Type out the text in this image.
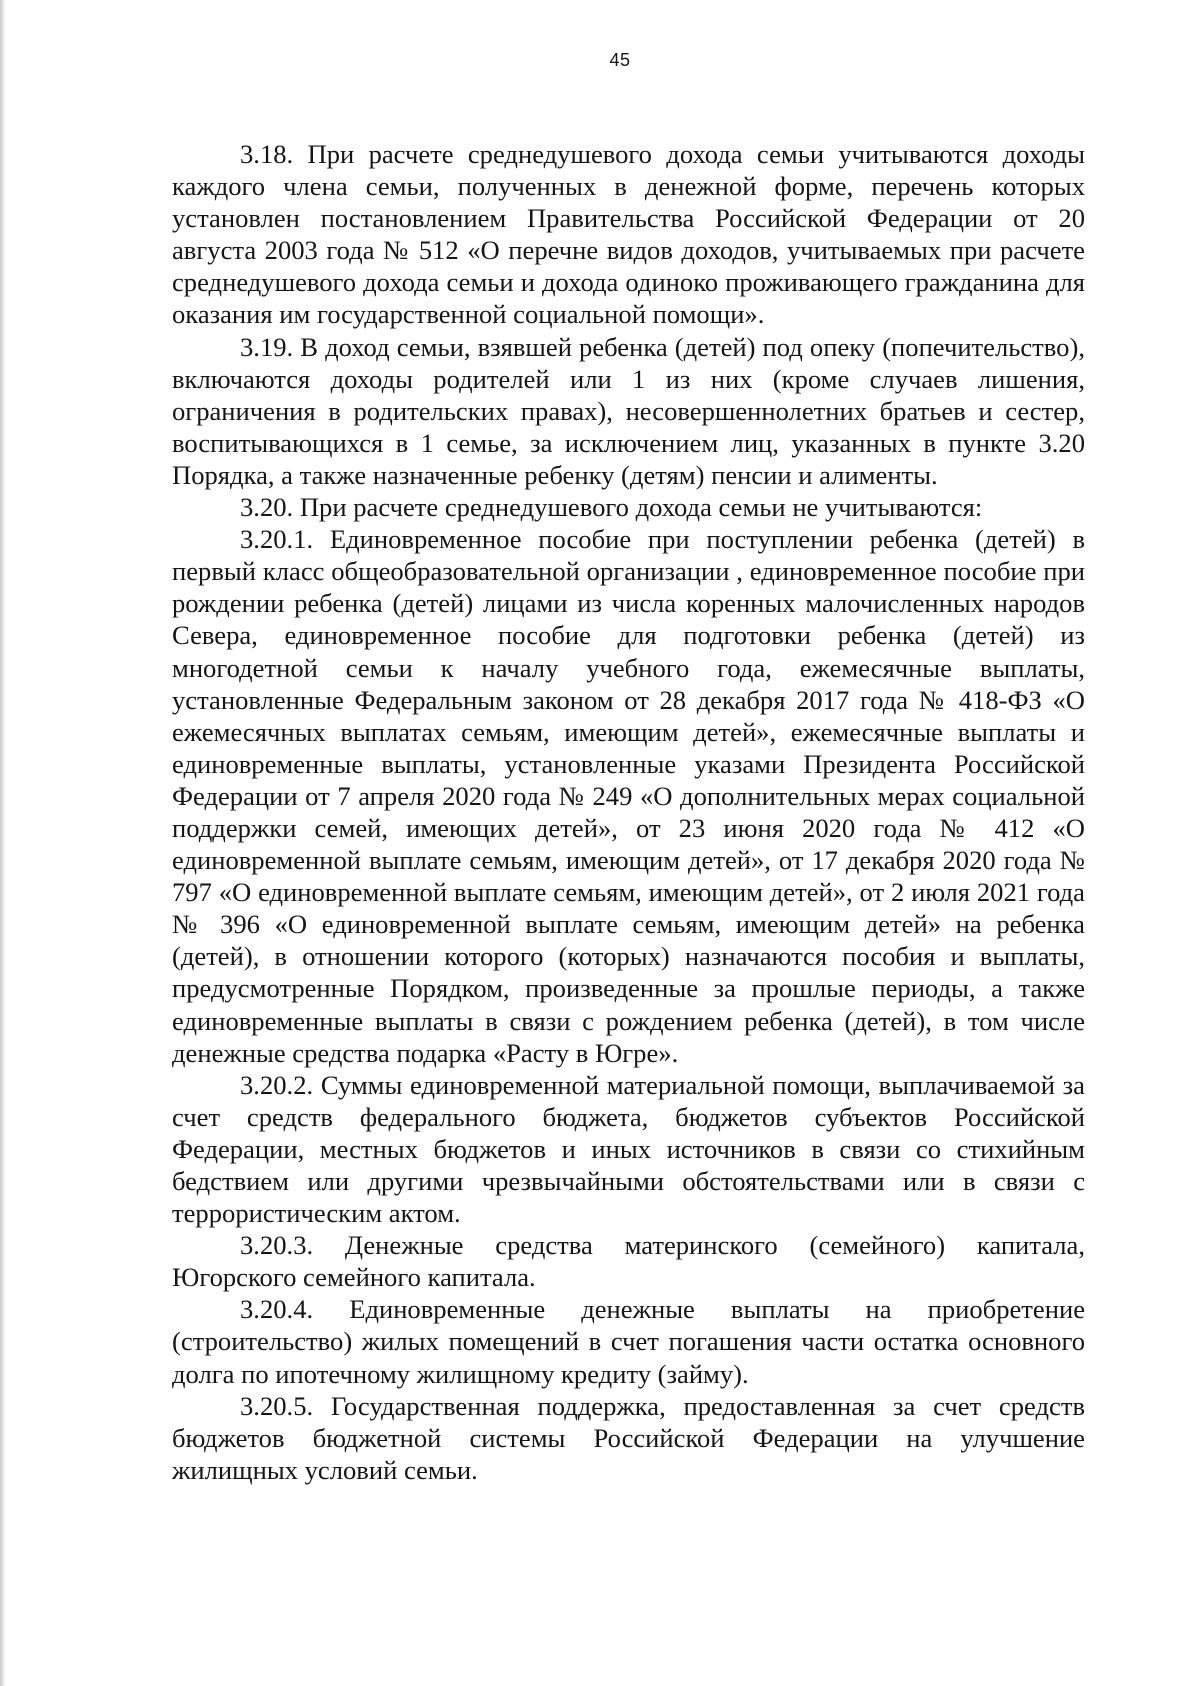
45

3.18. При расчете среднедушевого дохода семьи учитываются доходы каждого члена семьи, полученных в денежной форме, перечень которых установлен постановлением Правительства Российской Федерации от 20 августа 2003 года № 512 «О перечне видов доходов, учитываемых при расчете среднедушевого дохода семьи и дохода одиноко проживающего гражданина для оказания им государственной социальной помощи».

3.19. В доход семьи, взявшей ребенка (детей) под опеку (попечительство), включаются доходы родителей или 1 из них (кроме случаев лишения, ограничения в родительских правах), несовершеннолетних братьев и сестер, воспитывающихся в 1 семье, за исключением лиц, указанных в пункте 3.20 Порядка, а также назначенные ребенку (детям) пенсии и алименты.

3.20. При расчете среднедушевого дохода семьи не учитываются:

3.20.1. Единовременное пособие при поступлении ребенка (детей) в первый класс общеобразовательной организации , единовременное пособие при рождении ребенка (детей) лицами из числа коренных малочисленных народов Севера, единовременное пособие для подготовки ребенка (детей) из многодетной семьи к началу учебного года, ежемесячные выплаты, установленные Федеральным законом от 28 декабря 2017 года № 418-ФЗ «О ежемесячных выплатах семьям, имеющим детей», ежемесячные выплаты и единовременные выплаты, установленные указами Президента Российской Федерации от 7 апреля 2020 года № 249 «О дополнительных мерах социальной поддержки семей, имеющих детей», от 23 июня 2020 года № 412 «О единовременной выплате семьям, имеющим детей», от 17 декабря 2020 года № 797 «О единовременной выплате семьям, имеющим детей», от 2 июля 2021 года № 396 «О единовременной выплате семьям, имеющим детей» на ребенка (детей), в отношении которого (которых) назначаются пособия и выплаты, предусмотренные Порядком, произведенные за прошлые периоды, а также единовременные выплаты в связи с рождением ребенка (детей), в том числе денежные средства подарка «Расту в Югре».

3.20.2. Суммы единовременной материальной помощи, выплачиваемой за счет средств федерального бюджета, бюджетов субъектов Российской Федерации, местных бюджетов и иных источников в связи со стихийным бедствием или другими чрезвычайными обстоятельствами или в связи с террористическим актом.

3.20.3. Денежные средства материнского (семейного) капитала, Югорского семейного капитала.

3.20.4. Единовременные денежные выплаты на приобретение (строительство) жилых помещений в счет погашения части остатка основного долга по ипотечному жилищному кредиту (займу).

3.20.5. Государственная поддержка, предоставленная за счет средств бюджетов бюджетной системы Российской Федерации на улучшение жилищных условий семьи.
